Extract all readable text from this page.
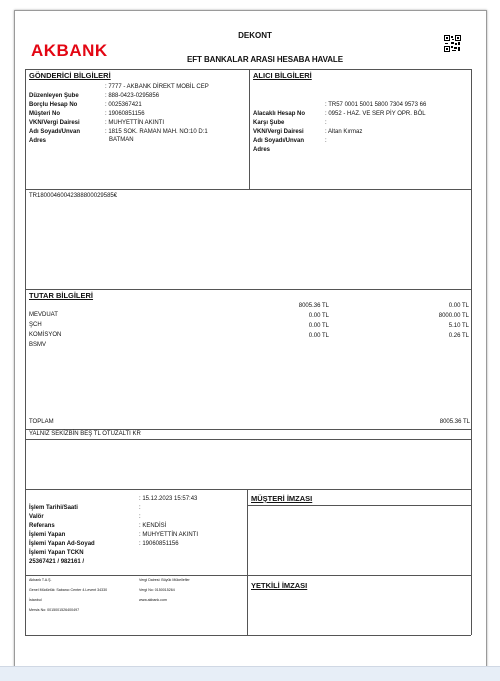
AKBANK
DEKONT
EFT BANKALAR ARASI HESABA HAVALE
GÖNDERİCİ BİLGİLERİ
Düzenleyen Şube
: 7777 - AKBANK DİREKT MOBİL CEP
Borçlu Hesap No
: 888-0423-0295856
Müşteri No
: 0025367421
VKN/Vergi Dairesi
: 19060851156
Adı Soyadı/Unvan
: MUHYETTİN AKINTI
Adres
: 1815 SOK. RAMAN MAH. NO:10 D:1
BATMAN
ALICI BİLGİLERİ
Alacaklı Hesap No
: TR57 0001 5001 5800 7304 9573 66
Karşı Şube
: 0952 - HAZ. VE SER PİY OPR. BÖL
VKN/Vergi Dairesi
:
Adı Soyadı/Unvan
: Altan Kırmaz
Adres
:
TR18000460042388800029585€
TUTAR BİLGİLERİ
MEVDUAT
8005.36 TL	0.00 TL
ŞCH
0.00 TL	8000.00 TL
KOMİSYON
0.00 TL	5.10 TL
BSMV
0.00 TL	0.26 TL
TOPLAM	8005.36 TL
YALNIZ SEKİZBİN BEŞ TL OTUZALTI KR
İşlem Tarihi/Saati
: 15.12.2023 15:57:43
Valör
:
Referans
:
İşlemi Yapan
: KENDİSİ
İşlemi Yapan Ad-Soyad
: MUHYETTİN AKINTI
İşlemi Yapan TCKN
: 19060851156
25367421 / 982161 /
MÜŞTERİ İMZASI
YETKİLİ İMZASI
Akbank T.A.Ş.
Genel Müdürlük: Sabancı Center 4.Levent 34330
İstanbul
Mersis No: 0015001526400497
Vergi Dairesi: Büyük Mükellefler
Vergi No: 0150015264
www.akbank.com
